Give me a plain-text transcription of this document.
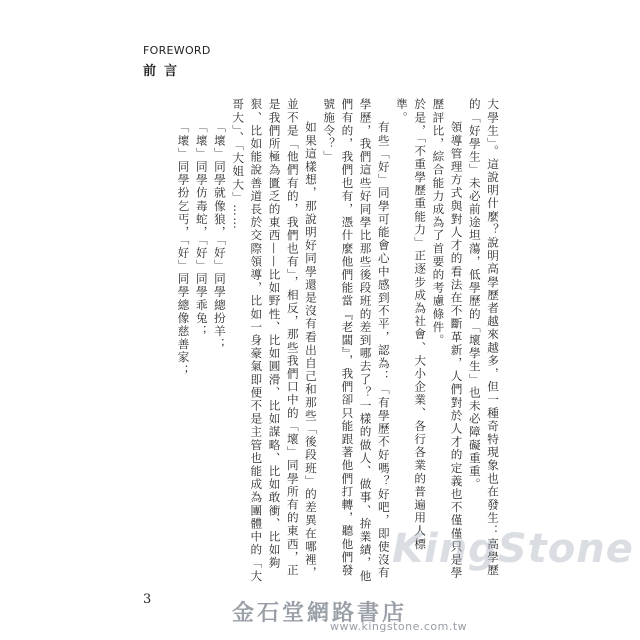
FOREWORD
前言
大學生」。這說明什麼？說明高學歷者越來越多，但一種奇特現象也在發生：高學歷
的「好學生」未必前途坦蕩，低學歷的「壞學生」也未必障礙重重。
領導管理方式與對人才的看法在不斷革新，人們對於人才的定義也不僅僅只是學
歷評比，綜合能力成為了首要的考慮條件。
於是，「不重學歷重能力」正逐步成為社會、大小企業、各行各業的普遍用人標
準。
有些「好」同學可能會心中感到不平，認為：「有學歷不好嗎？好吧，即使沒有
學歷，我們這些好同學比那些後段班的差到哪去了？一樣的做人、做事、拚業績，他
們有的，我們也有，憑什麼他們能當『老闆』，我們卻只能跟著他們打轉，聽他們發
號施令？」
如果這樣想，那說明好同學還是沒有看出自己和那些「後段班」的差異在哪裡，
並不是「他們有的，我們也有」，相反，那些我們口中的「壞」同學所有的東西，正
是我們所極為匱乏的東西——比如野性、比如圓滑、比如謀略、比如敢衝、比如夠
狠、比如能說善道長於交際領導，比如一身豪氣即便不是主管也能成為團體中的「大
哥大」、「大姐大」……
「壞」同學就像狼，「好」同學總扮羊；
「壞」同學仿毒蛇，「好」同學乖兔；
「壞」同學扮乞丐，「好」同學總像慈善家；
3
KingStone
金石堂網路書店
www.kingstone.com.tw
